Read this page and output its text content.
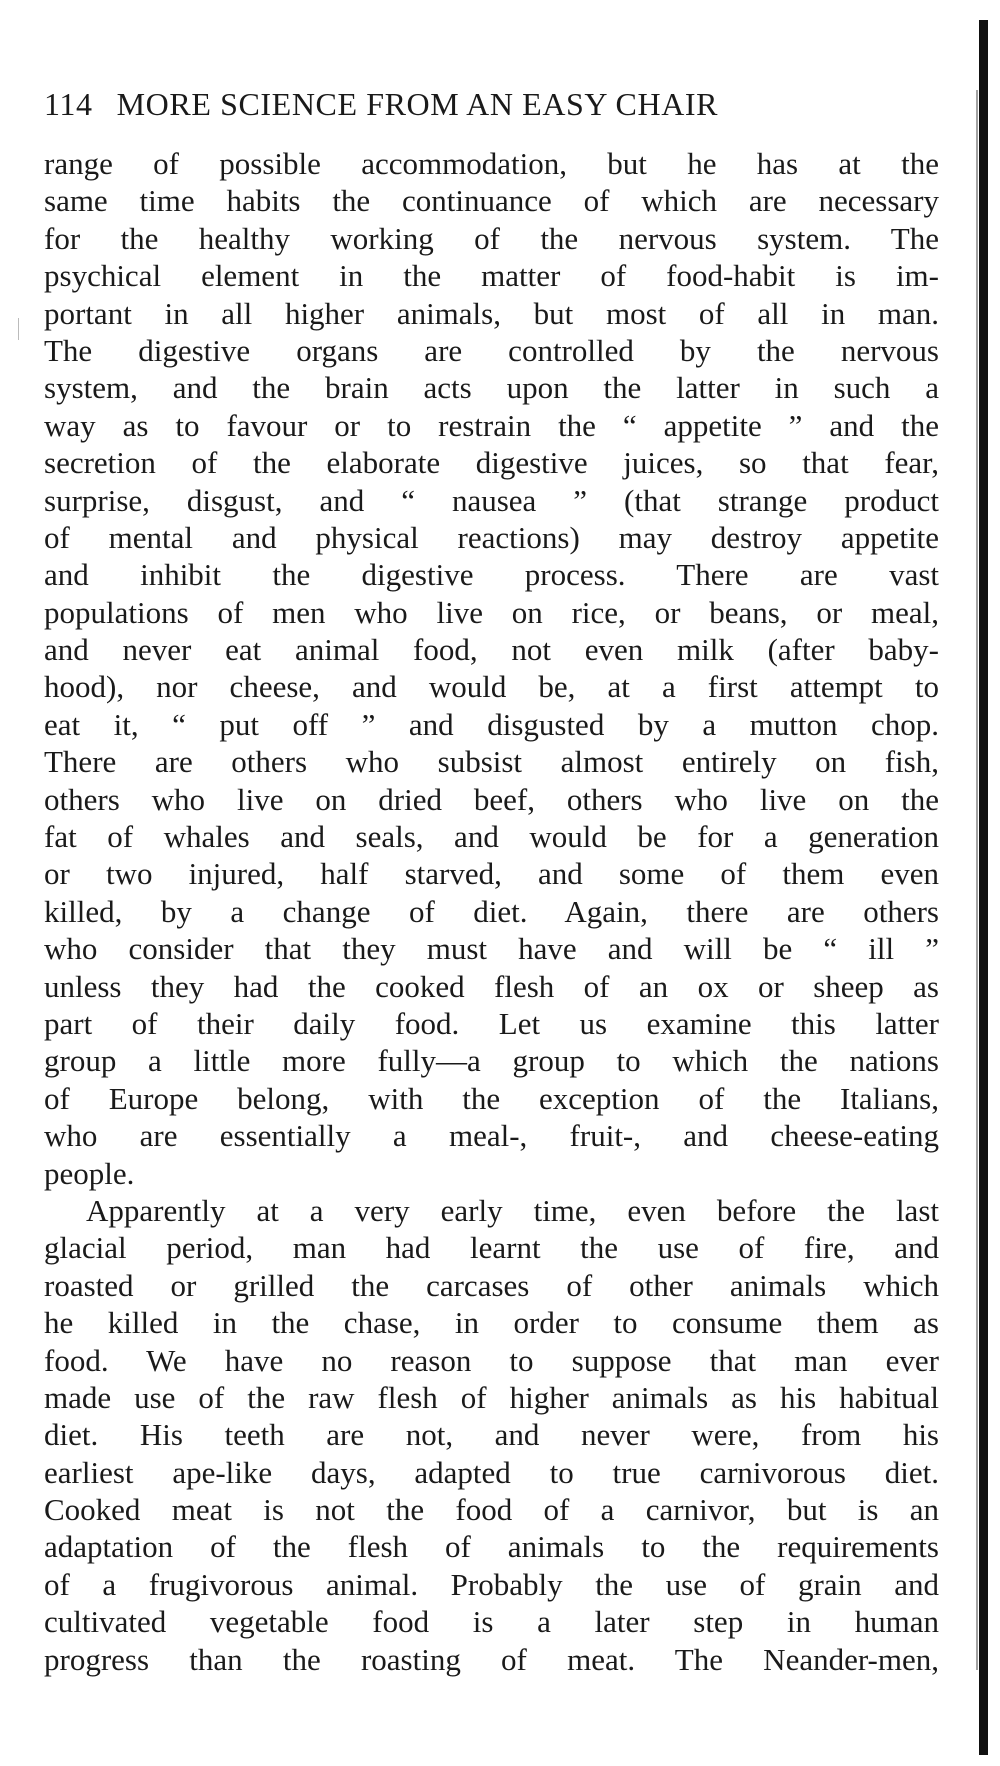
114 MORE SCIENCE FROM AN EASY CHAIR
range of possible accommodation, but he has at the
same time habits the continuance of which are necessary
for the healthy working of the nervous system. The
psychical element in the matter of food-habit is im-
portant in all higher animals, but most of all in man.
The digestive organs are controlled by the nervous
system, and the brain acts upon the latter in such a
way as to favour or to restrain the “ appetite ” and the
secretion of the elaborate digestive juices, so that fear,
surprise, disgust, and “ nausea ” (that strange product
of mental and physical reactions) may destroy appetite
and inhibit the digestive process. There are vast
populations of men who live on rice, or beans, or meal,
and never eat animal food, not even milk (after baby-
hood), nor cheese, and would be, at a first attempt to
eat it, “ put off ” and disgusted by a mutton chop.
There are others who subsist almost entirely on fish,
others who live on dried beef, others who live on the
fat of whales and seals, and would be for a generation
or two injured, half starved, and some of them even
killed, by a change of diet. Again, there are others
who consider that they must have and will be “ ill ”
unless they had the cooked flesh of an ox or sheep as
part of their daily food. Let us examine this latter
group a little more fully—a group to which the nations
of Europe belong, with the exception of the Italians,
who are essentially a meal-, fruit-, and cheese-eating
people.
Apparently at a very early time, even before the last
glacial period, man had learnt the use of fire, and
roasted or grilled the carcases of other animals which
he killed in the chase, in order to consume them as
food. We have no reason to suppose that man ever
made use of the raw flesh of higher animals as his habitual
diet. His teeth are not, and never were, from his
earliest ape-like days, adapted to true carnivorous diet.
Cooked meat is not the food of a carnivor, but is an
adaptation of the flesh of animals to the requirements
of a frugivorous animal. Probably the use of grain and
cultivated vegetable food is a later step in human
progress than the roasting of meat. The Neander-men,
